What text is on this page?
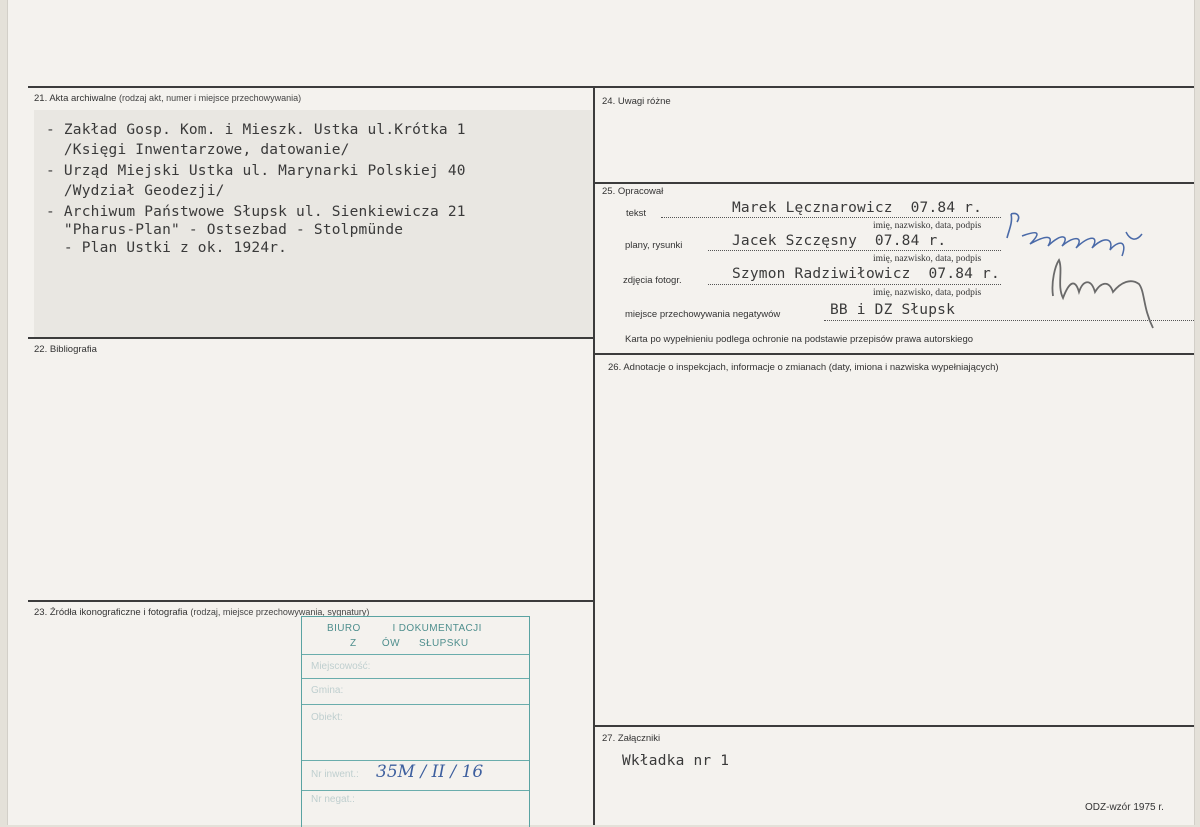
21. Akta archiwalne (rodzaj akt, numer i miejsce przechowywania)
- Zakład Gosp. Kom. i Mieszk. Ustka ul.Krótka 1
/Księgi Inwentarzowe, datowanie/
- Urząd Miejski Ustka ul. Marynarki Polskiej 40
/Wydział Geodezji/
- Archiwum Państwowe Słupsk ul. Sienkiewicza 21
"Pharus-Plan" - Ostsezbad - Stolpmünde
- Plan Ustki z ok. 1924r.
22. Bibliografia
23. Źródła ikonograficzne i fotografia (rodzaj, miejsce przechowywania, sygnatury)
BIURO          I DOKUMENTACJI
Z        ÓW      SŁUPSKU
Miejscowość:
Gmina:
Obiekt:
Nr inwent.: 35M / II / 16
Nr negat.:
24. Uwagi różne
25. Opracował
tekst	Marek Lęcznarowicz  07.84 r.
imię, nazwisko, data, podpis
plany, rysunki	Jacek Szczęsny  07.84 r.
imię, nazwisko, data, podpis
zdjęcia fotogr.	Szymon Radziwiłowicz  07.84 r.
imię, nazwisko, data, podpis
miejsce przechowywania negatywów	BB i DZ Słupsk
Karta po wypełnieniu podlega ochronie na podstawie przepisów prawa autorskiego
26. Adnotacje o inspekcjach, informacje o zmianach (daty, imiona i nazwiska wypełniających)
27. Załączniki
Wkładka nr 1
ODZ-wzór 1975 r.
